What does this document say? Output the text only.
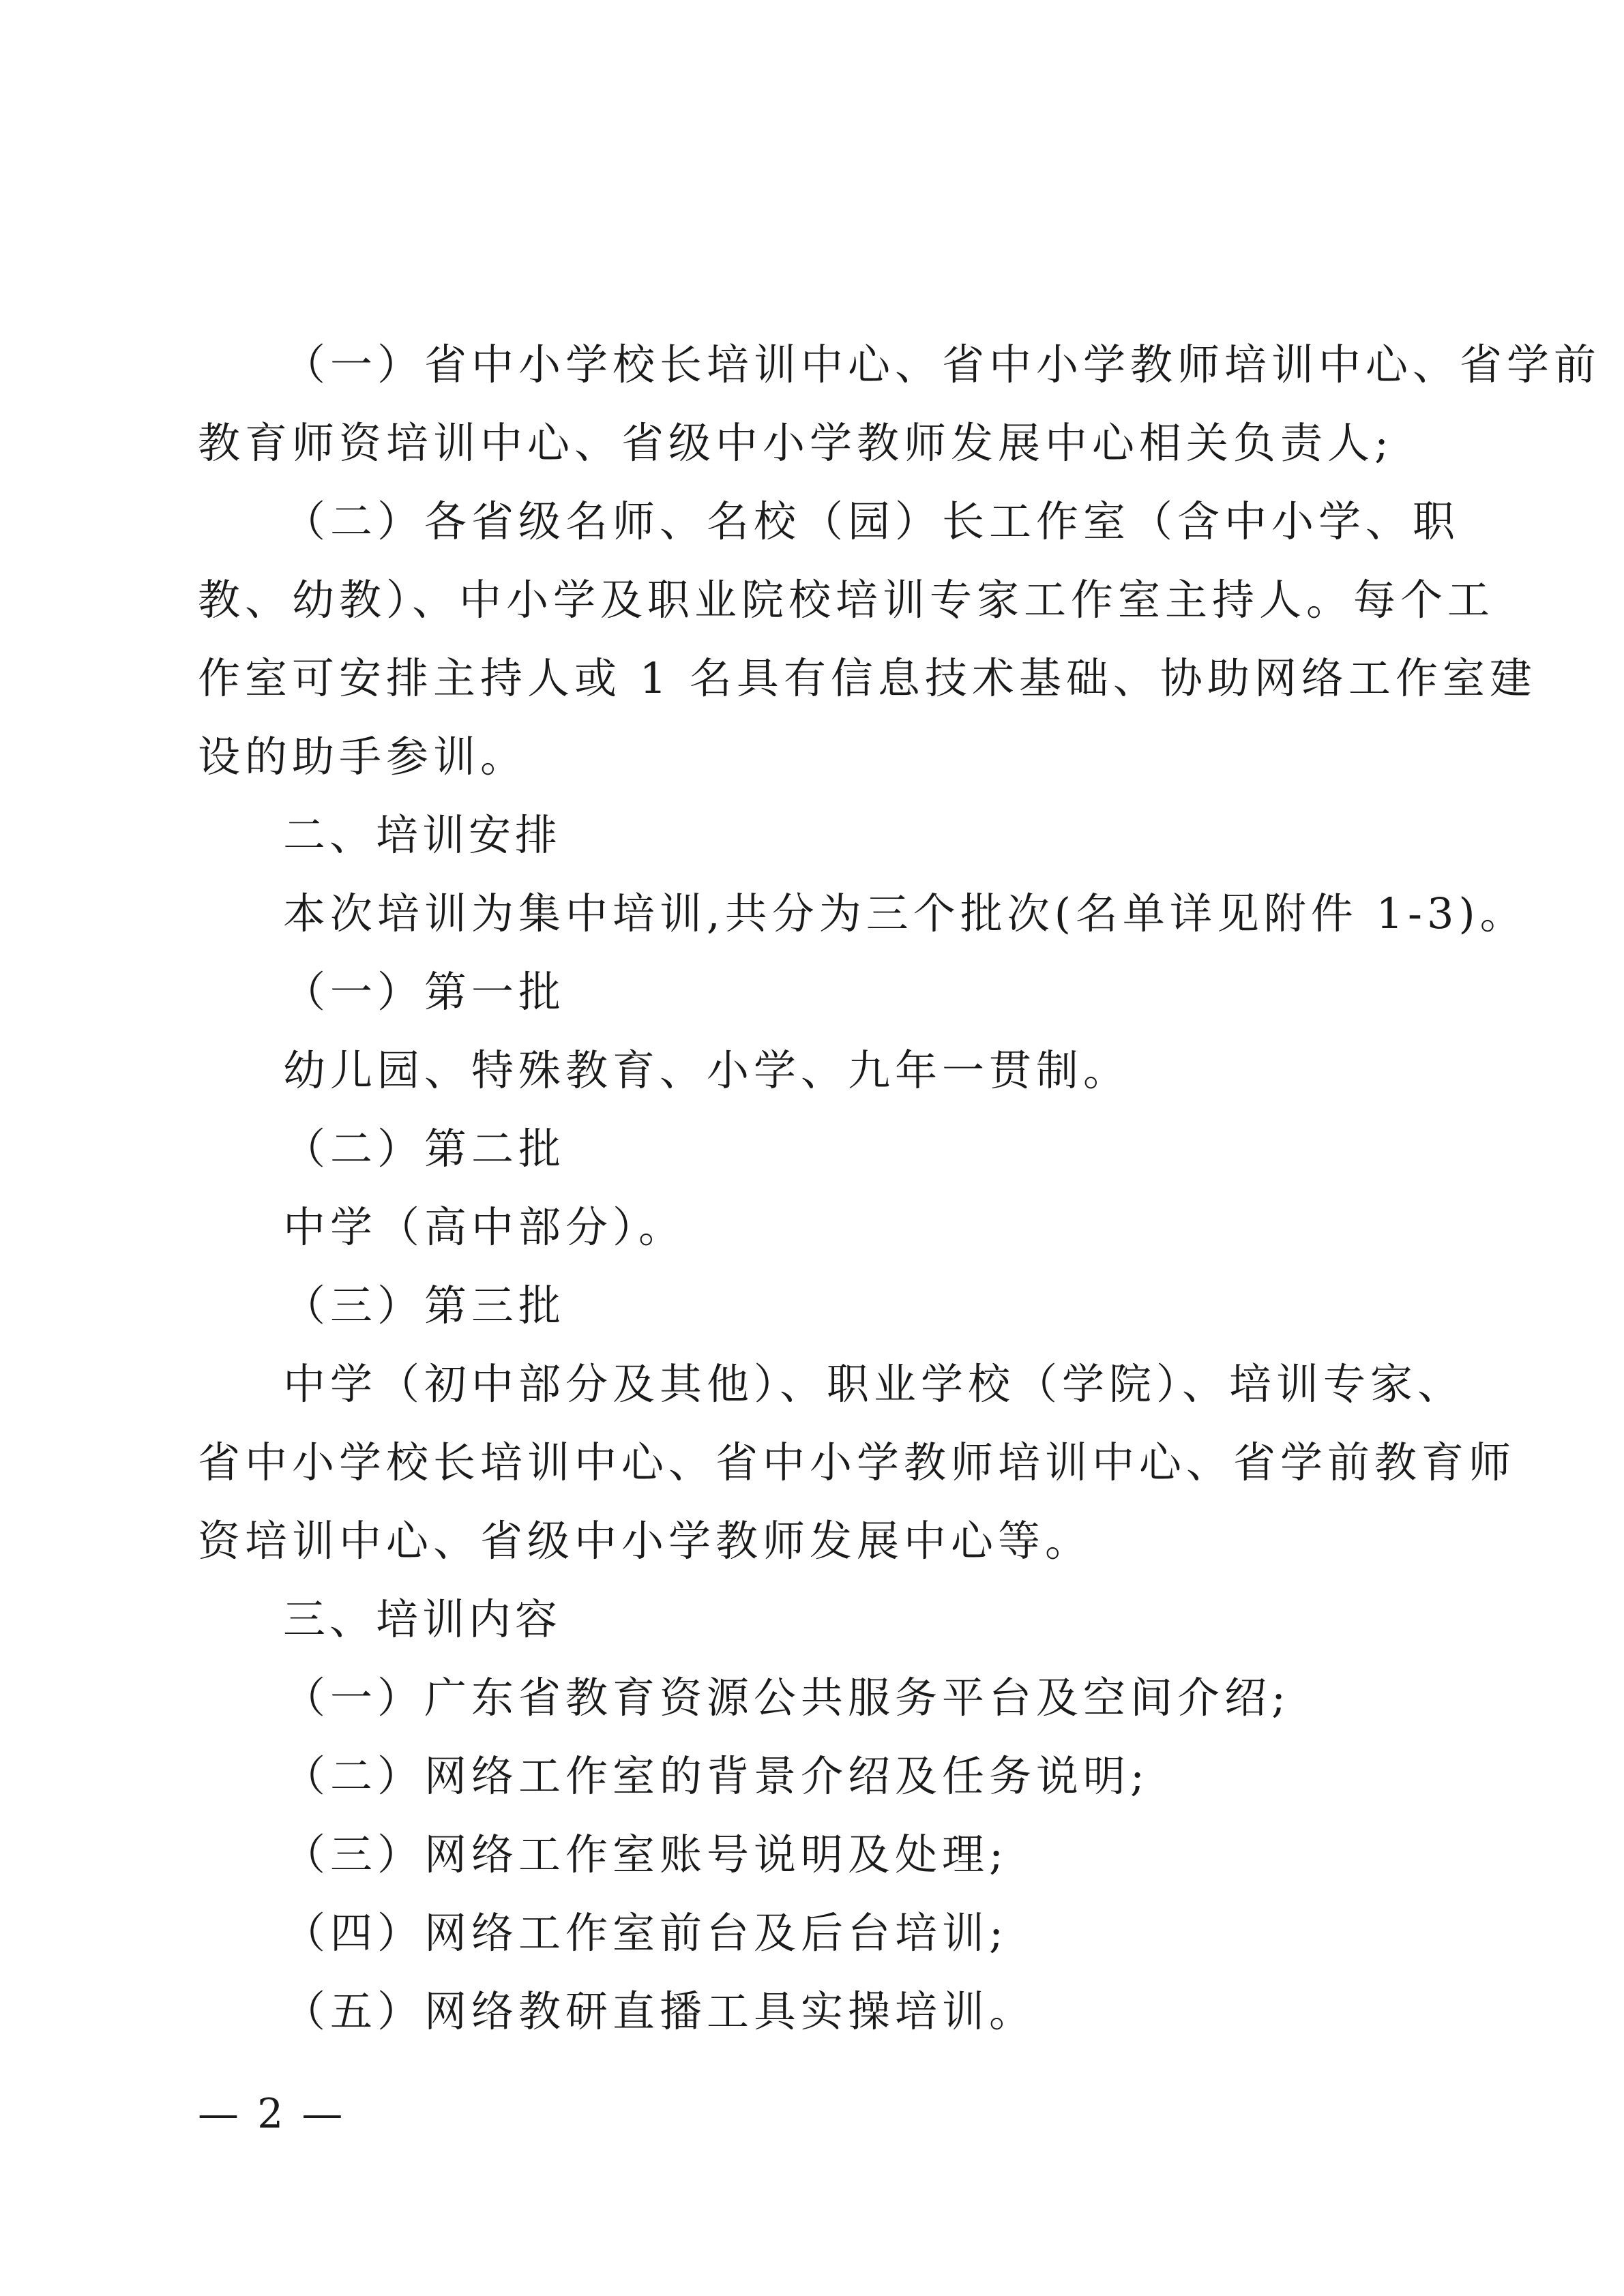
（一）省中小学校长培训中心、省中小学教师培训中心、省学前

教育师资培训中心、省级中小学教师发展中心相关负责人;

（二）各省级名师、名校（园）长工作室（含中小学、职

教、幼教）、中小学及职业院校培训专家工作室主持人。每个工

作室可安排主持人或 1 名具有信息技术基础、协助网络工作室建

设的助手参训。

二、培训安排

本次培训为集中培训,共分为三个批次(名单详见附件 1-3)。

（一）第一批

幼儿园、特殊教育、小学、九年一贯制。

（二）第二批

中学（高中部分）。

（三）第三批

中学（初中部分及其他）、职业学校（学院）、培训专家、

省中小学校长培训中心、省中小学教师培训中心、省学前教育师

资培训中心、省级中小学教师发展中心等。

三、培训内容

（一）广东省教育资源公共服务平台及空间介绍;

（二）网络工作室的背景介绍及任务说明;

（三）网络工作室账号说明及处理;

（四）网络工作室前台及后台培训;

（五）网络教研直播工具实操培训。

— 2 —
